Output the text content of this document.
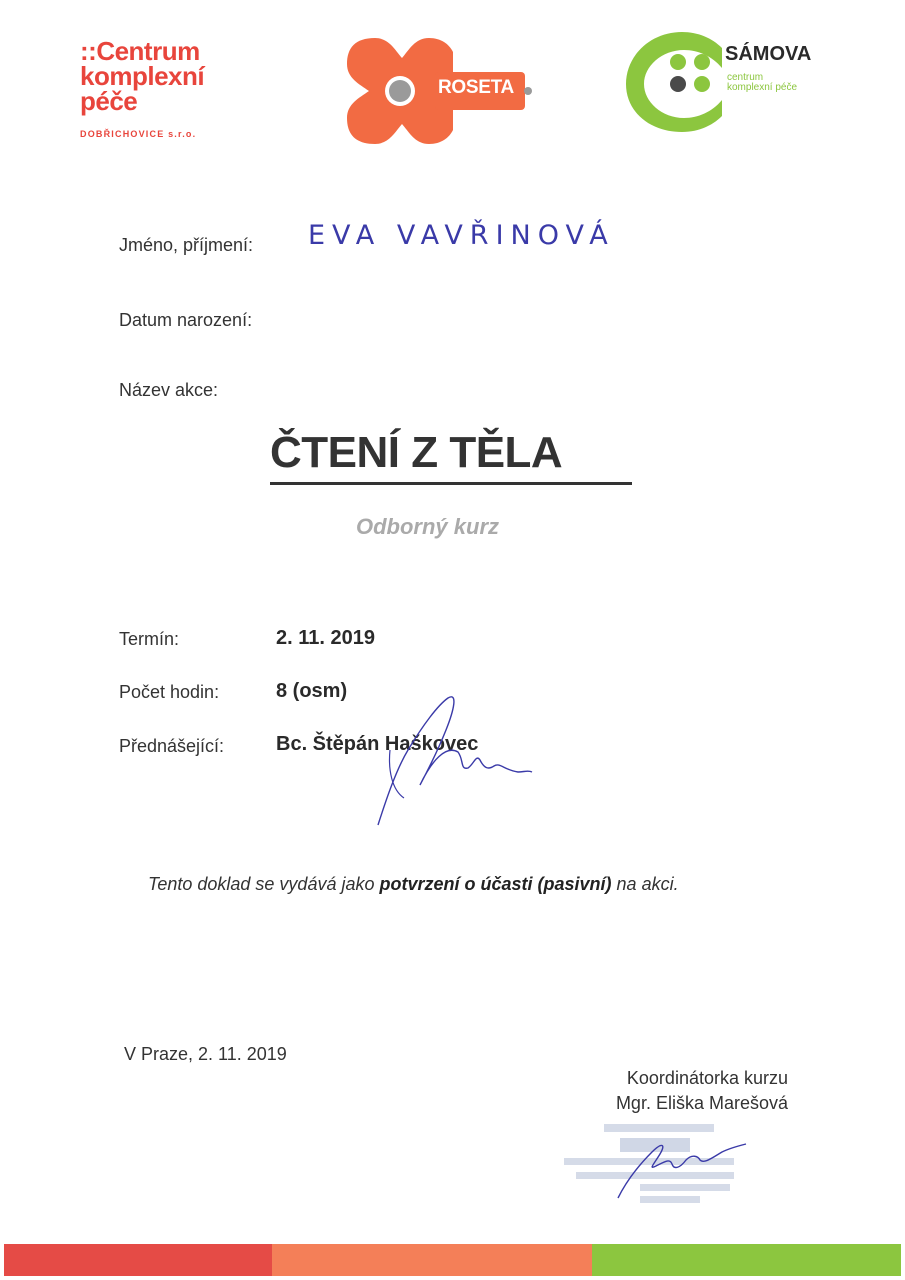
::Centrum
komplexní
péče
DOBŘICHOVICE s.r.o.
ROSETA
SÁMOVA
centrum
komplexní péče
Jméno, příjmení: EVA VAVŘINOVÁ
Datum narození:
Název akce:
ČTENÍ Z TĚLA
Odborný kurz
Termín:	2. 11. 2019
Počet hodin:	8 (osm)
Přednášející:	Bc. Štěpán Haškovec
Tento doklad se vydává jako potvrzení o účasti (pasivní) na akci.
V Praze, 2. 11. 2019
Koordinátorka kurzu
Mgr. Eliška Marešová
